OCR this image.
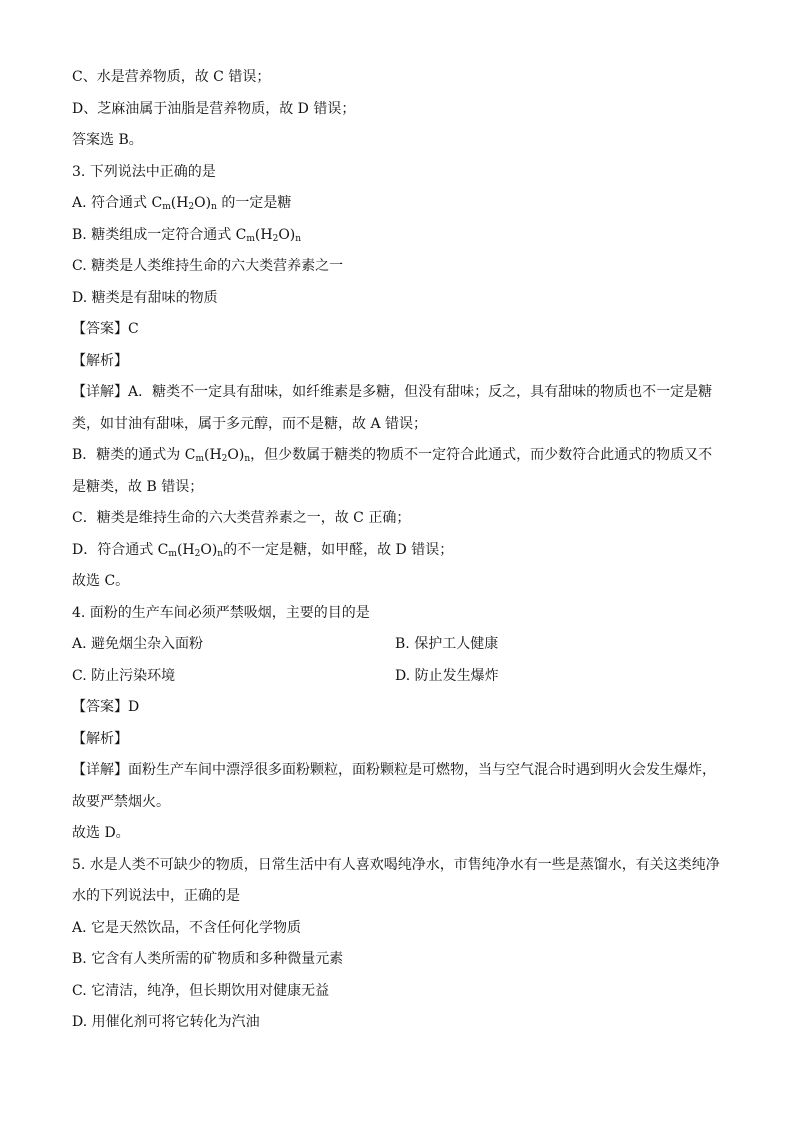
C、水是营养物质，故 C 错误；
D、芝麻油属于油脂是营养物质，故 D 错误；
答案选 B。
3. 下列说法中正确的是
A. 符合通式 $C_m(H_2O)_n$ 的一定是糖
B. 糖类组成一定符合通式 $C_m(H_2O)_n$
C. 糖类是人类维持生命的六大类营养素之一
D. 糖类是有甜味的物质
【答案】C
【解析】
【详解】A．糖类不一定具有甜味，如纤维素是多糖，但没有甜味；反之，具有甜味的物质也不一定是糖类，如甘油有甜味，属于多元醇，而不是糖，故 A 错误；
B．糖类的通式为 $C_m(H_2O)_n$，但少数属于糖类的物质不一定符合此通式，而少数符合此通式的物质又不是糖类，故 B 错误；
C．糖类是维持生命的六大类营养素之一，故 C 正确；
D．符合通式 $C_m(H_2O)_n$的不一定是糖，如甲醛，故 D 错误；
故选 C。
4. 面粉的生产车间必须严禁吸烟，主要的目的是
A. 避免烟尘杂入面粉	B. 保护工人健康
C. 防止污染环境	D. 防止发生爆炸
【答案】D
【解析】
【详解】面粉生产车间中漂浮很多面粉颗粒，面粉颗粒是可燃物，当与空气混合时遇到明火会发生爆炸，故要严禁烟火。
故选 D。
5. 水是人类不可缺少的物质，日常生活中有人喜欢喝纯净水，市售纯净水有一些是蒸馏水，有关这类纯净水的下列说法中，正确的是
A. 它是天然饮品，不含任何化学物质
B. 它含有人类所需的矿物质和多种微量元素
C. 它清洁，纯净，但长期饮用对健康无益
D. 用催化剂可将它转化为汽油
